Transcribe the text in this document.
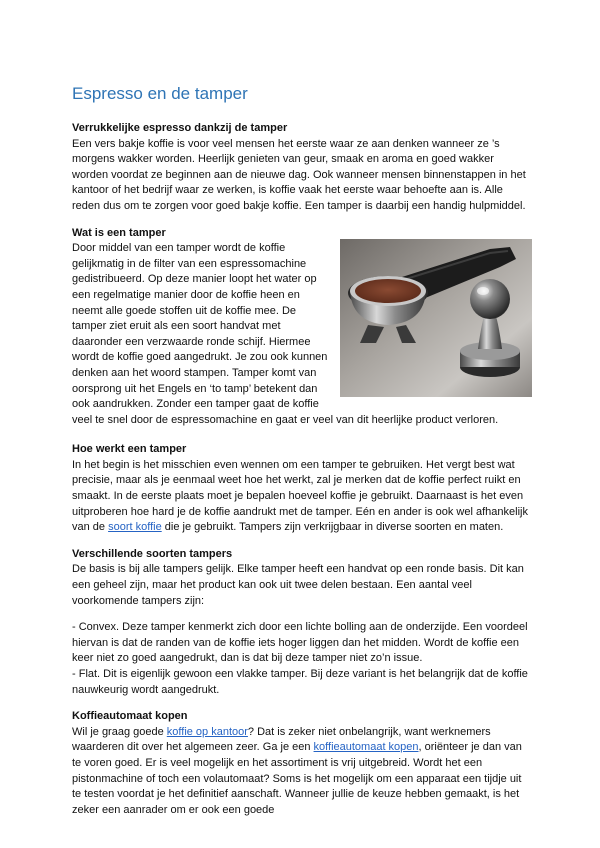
Espresso en de tamper
Verrukkelijke espresso dankzij de tamper

Een vers bakje koffie is voor veel mensen het eerste waar ze aan denken wanneer ze ’s morgens wakker worden. Heerlijk genieten van geur, smaak en aroma en goed wakker worden voordat ze beginnen aan de nieuwe dag. Ook wanneer mensen binnenstappen in het kantoor of het bedrijf waar ze werken, is koffie vaak het eerste waar behoefte aan is. Alle reden dus om te zorgen voor goed bakje koffie. Een tamper is daarbij een handig hulpmiddel.

Wat is een tamper

Door middel van een tamper wordt de koffie gelijkmatig in de filter van een espressomachine gedistribueerd. Op deze manier loopt het water op een regelmatige manier door de koffie heen en neemt alle goede stoffen uit de koffie mee. De tamper ziet eruit als een soort handvat met daaronder een verzwaarde ronde schijf. Hiermee wordt de koffie goed aangedrukt. Je zou ook kunnen denken aan het woord stampen. Tamper komt van oorsprong uit het Engels en ‘to tamp’ betekent dan ook aandrukken. Zonder een tamper gaat de koffie veel te snel door de espressomachine en gaat er veel van dit heerlijke product verloren.

Hoe werkt een tamper

In het begin is het misschien even wennen om een tamper te gebruiken. Het vergt best wat precisie, maar als je eenmaal weet hoe het werkt, zal je merken dat de koffie perfect ruikt en smaakt. In de eerste plaats moet je bepalen hoeveel koffie je gebruikt. Daarnaast is het even uitproberen hoe hard je de koffie aandrukt met de tamper. Eén en ander is ook wel afhankelijk van de soort koffie die je gebruikt. Tampers zijn verkrijgbaar in diverse soorten en maten.

Verschillende soorten tampers

De basis is bij alle tampers gelijk. Elke tamper heeft een handvat op een ronde basis. Dit kan een geheel zijn, maar het product kan ook uit twee delen bestaan. Een aantal veel voorkomende tampers zijn:

- Convex. Deze tamper kenmerkt zich door een lichte bolling aan de onderzijde. Een voordeel hiervan is dat de randen van de koffie iets hoger liggen dan het midden. Wordt de koffie een keer niet zo goed aangedrukt, dan is dat bij deze tamper niet zo’n issue.

- Flat. Dit is eigenlijk gewoon een vlakke tamper. Bij deze variant is het belangrijk dat de koffie nauwkeurig wordt aangedrukt.

Koffieautomaat kopen

Wil je graag goede koffie op kantoor? Dat is zeker niet onbelangrijk, want werknemers waarderen dit over het algemeen zeer. Ga je een koffieautomaat kopen, oriënteer je dan van te voren goed. Er is veel mogelijk en het assortiment is vrij uitgebreid. Wordt het een pistonmachine of toch een volautomaat? Soms is het mogelijk om een apparaat een tijdje uit te testen voordat je het definitief aanschaft. Wanneer jullie de keuze hebben gemaakt, is het zeker een aanrader om er ook een goede
